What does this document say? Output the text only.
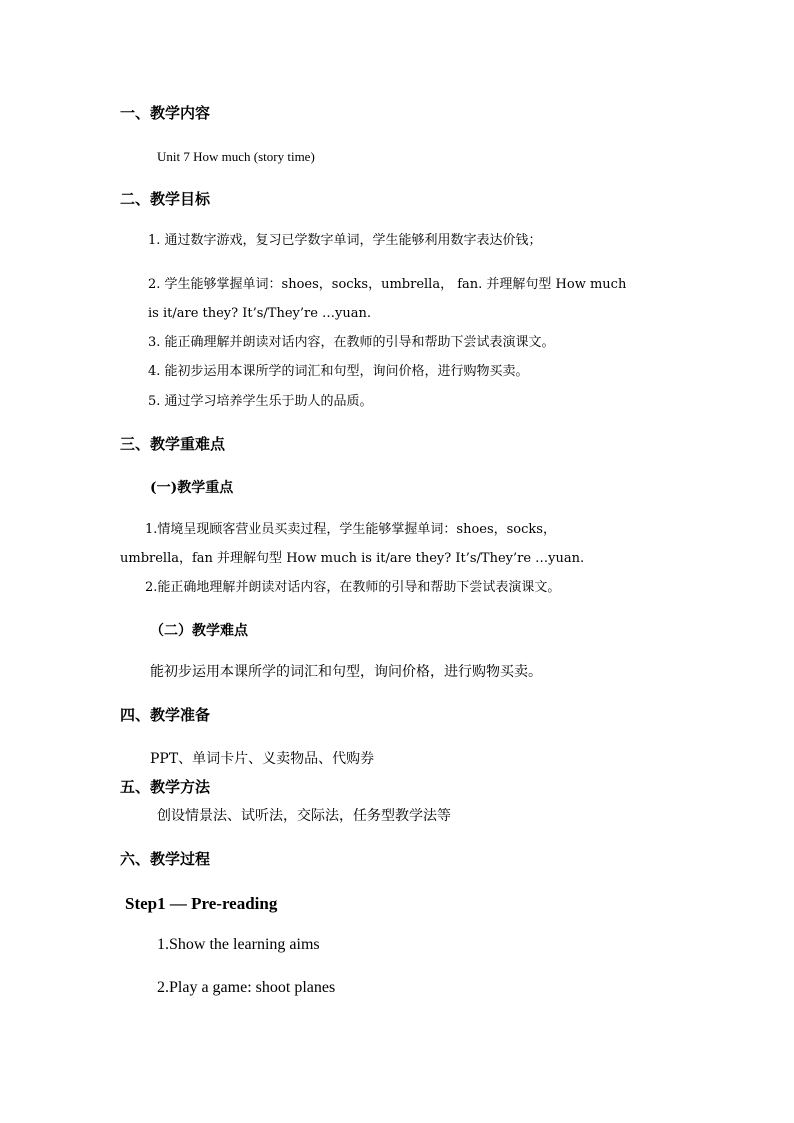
一、教学内容
Unit 7 How much (story time)
二、教学目标
1. 通过数字游戏，复习已学数字单词，学生能够利用数字表达价钱；
2. 学生能够掌握单词：shoes，socks，umbrella， fan. 并理解句型 How much
is it/are they? It’s/They’re …yuan.
3. 能正确理解并朗读对话内容，在教师的引导和帮助下尝试表演课文。
4. 能初步运用本课所学的词汇和句型，询问价格，进行购物买卖。
5. 通过学习培养学生乐于助人的品质。
三、教学重难点
(一)教学重点
1.情境呈现顾客营业员买卖过程，学生能够掌握单词：shoes，socks，
umbrella，fan 并理解句型 How much is it/are they? It’s/They’re …yuan.
2.能正确地理解并朗读对话内容，在教师的引导和帮助下尝试表演课文。
（二）教学难点
能初步运用本课所学的词汇和句型，询问价格，进行购物买卖。
四、教学准备
PPT、单词卡片、义卖物品、代购券
五、教学方法
创设情景法、试听法，交际法，任务型教学法等
六、教学过程
Step1 — Pre-reading
1.Show the learning aims
2.Play a game: shoot planes
